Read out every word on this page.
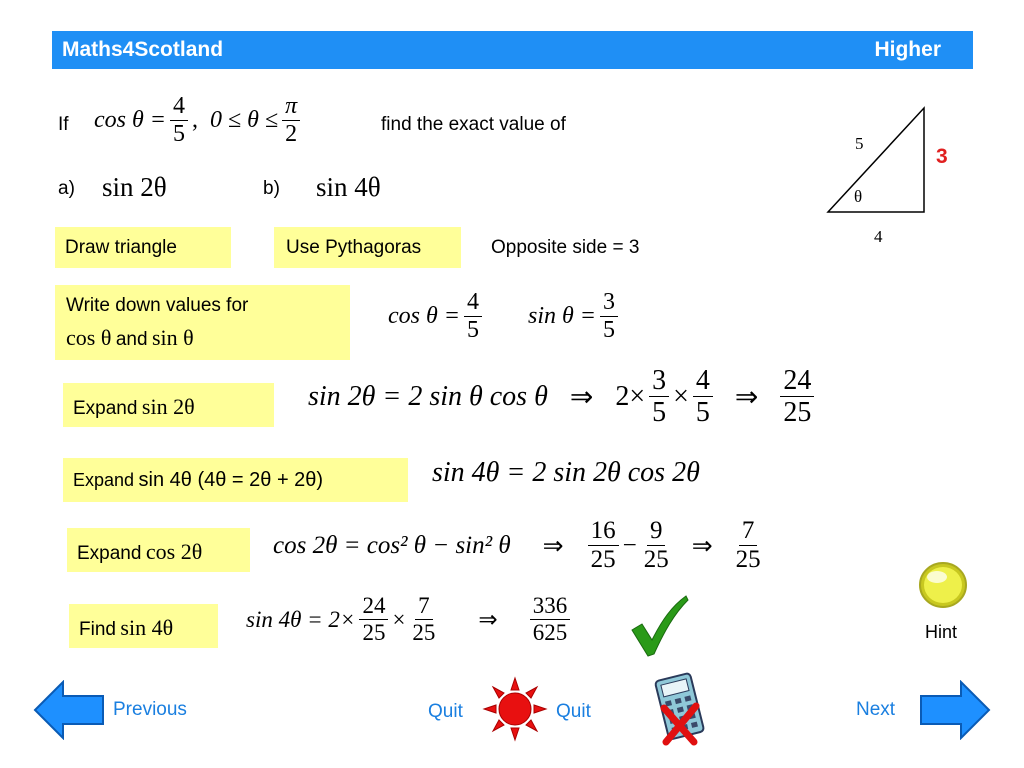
Maths4Scotland	Higher
If $\cos \theta = \frac{4}{5}$ , $0 \le \theta \le \frac{\pi}{2}$	find the exact value of
a) sin 2θ	b) sin 4θ
5
3
4
θ
Draw triangle	Use Pythagoras	Opposite side = 3
Write down values for
cos θ and sin θ
$\cos \theta = \frac{4}{5}$ $\sin \theta = \frac{3}{5}$
Expand sin 2θ	sin 2θ = 2 sin θ cos θ ⇒ $2\times \frac{3}{5} \times \frac{4}{5}$ ⇒ $\frac{24}{25}$
Expand sin 4θ (4θ = 2θ + 2θ)	sin 4θ = 2 sin 2θ cos 2θ
Expand cos 2θ	cos 2θ = cos² θ − sin² θ ⇒ $\frac{16}{25} - \frac{9}{25}$ ⇒ $\frac{7}{25}$
Find sin 4θ	$\sin 4\theta = 2\times \frac{24}{25} \times \frac{7}{25}$ ⇒ $\frac{336}{625}$	Hint
Previous	Quit	Quit	Next
